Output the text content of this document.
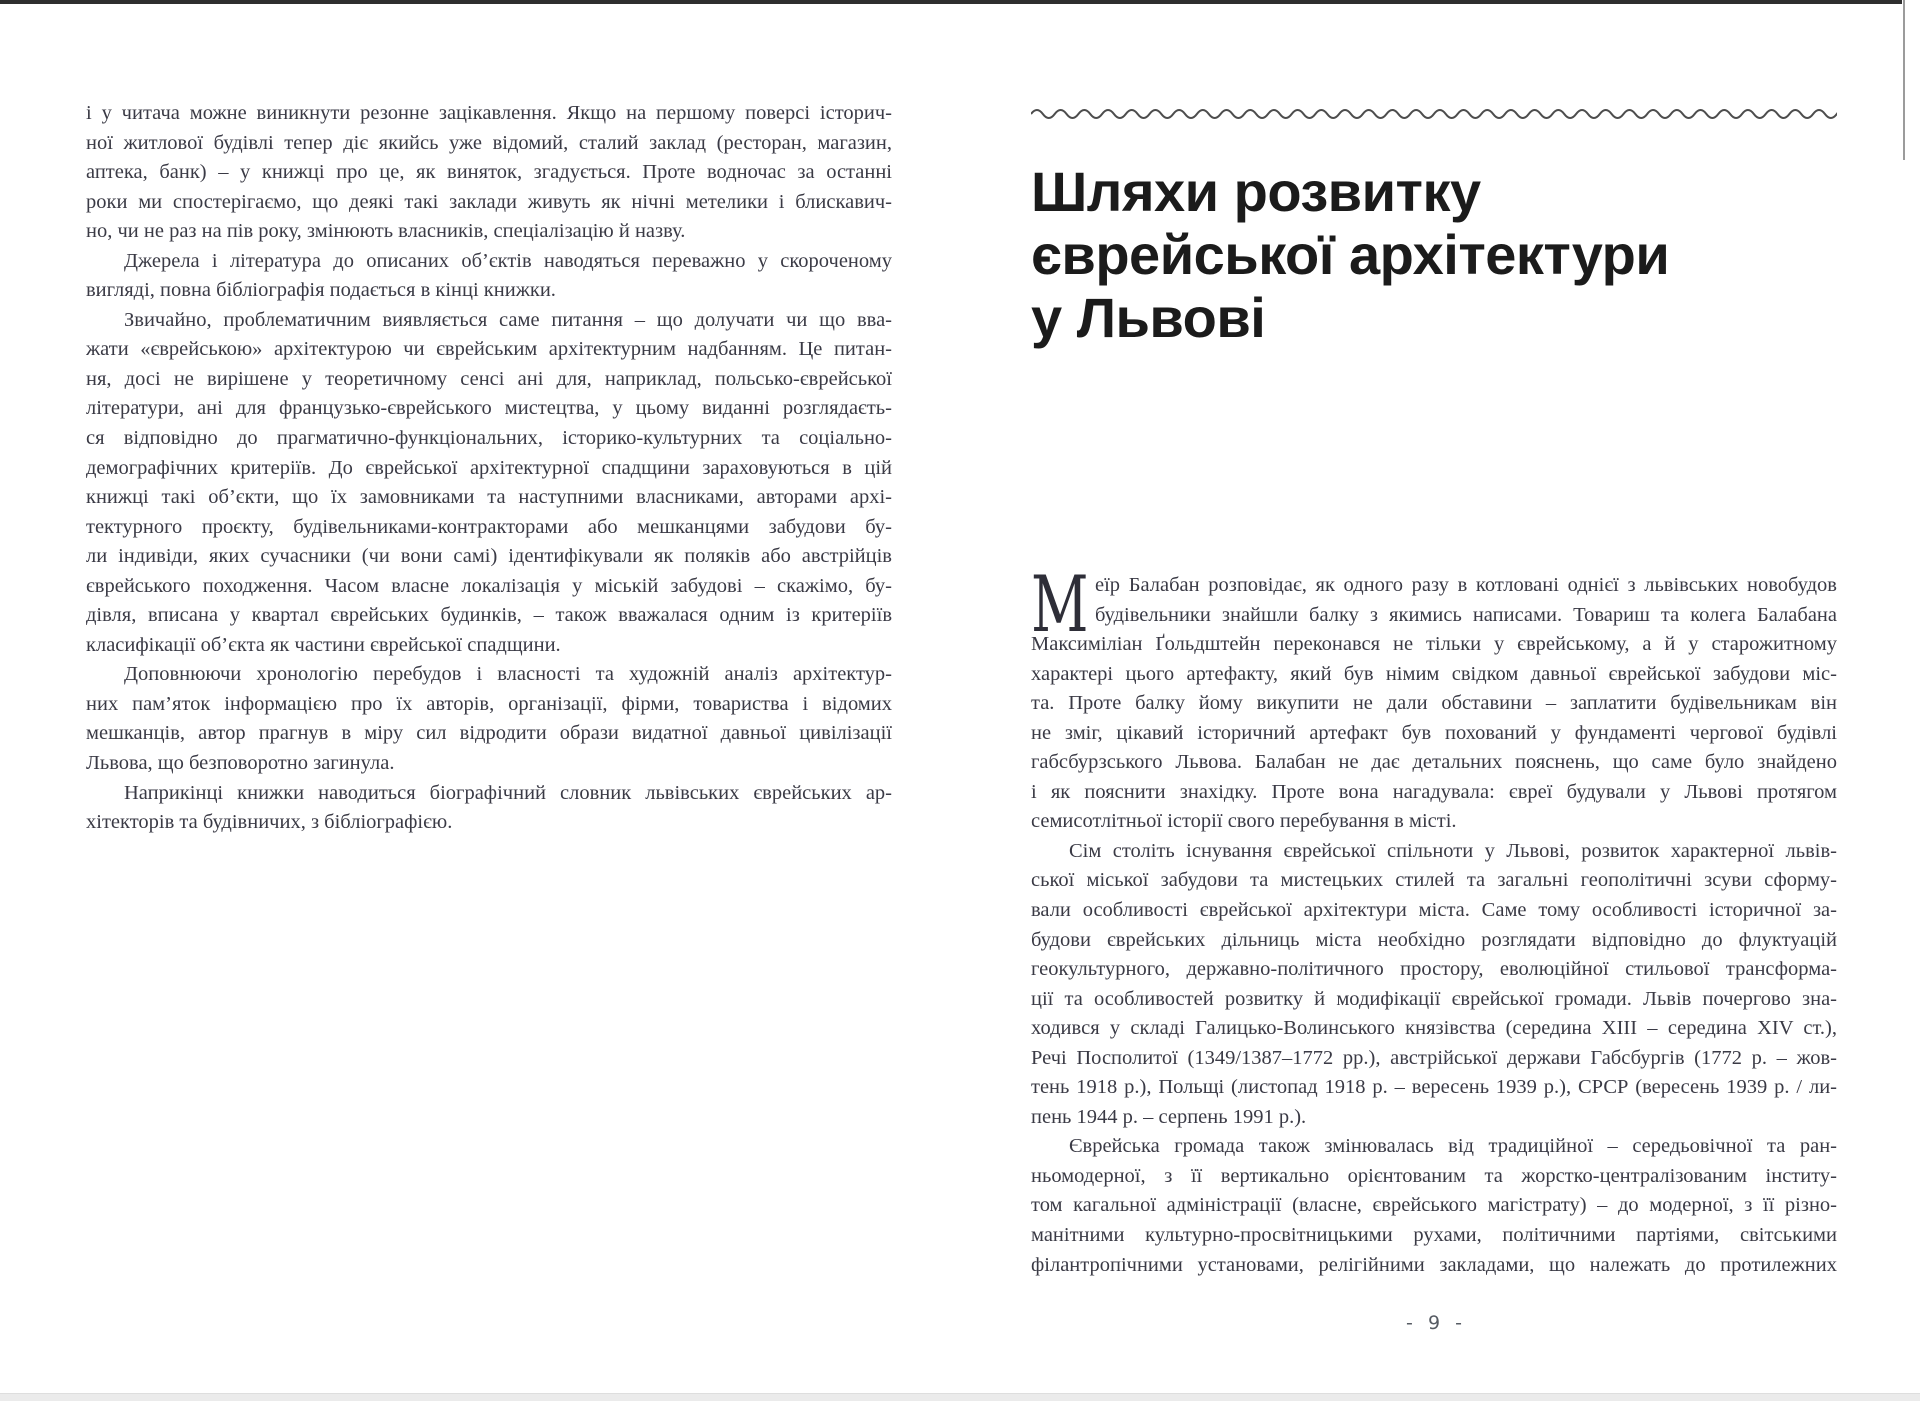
і у читача можне виникнути резонне зацікавлення. Якщо на першому поверсі історич-
ної житлової будівлі тепер діє якийсь уже відомий, сталий заклад (ресторан, магазин,
аптека, банк) – у книжці про це, як виняток, згадується. Проте водночас за останні
роки ми спостерігаємо, що деякі такі заклади живуть як нічні метелики і блискавич-
но, чи не раз на пів року, змінюють власників, спеціалізацію й назву.
Джерела і література до описаних об’єктів наводяться переважно у скороченому
вигляді, повна бібліографія подається в кінці книжки.
Звичайно, проблематичним виявляється саме питання – що долучати чи що вва-
жати «єврейською» архітектурою чи єврейським архітектурним надбанням. Це питан-
ня, досі не вирішене у теоретичному сенсі ані для, наприклад, польсько-єврейської
літератури, ані для французько-єврейського мистецтва, у цьому виданні розглядаєть-
ся відповідно до прагматично-функціональних, історико-культурних та соціально-
демографічних критеріїв. До єврейської архітектурної спадщини зараховуються в цій
книжці такі об’єкти, що їх замовниками та наступними власниками, авторами архі-
тектурного проєкту, будівельниками-контракторами або мешканцями забудови бу-
ли індивіди, яких сучасники (чи вони самі) ідентифікували як поляків або австрійців
єврейського походження. Часом власне локалізація у міській забудові – скажімо, бу-
дівля, вписана у квартал єврейських будинків, – також вважалася одним із критеріїв
класифікації об’єкта як частини єврейської спадщини.
Доповнюючи хронологію перебудов і власності та художній аналіз архітектур-
них пам’яток інформацією про їх авторів, організації, фірми, товариства і відомих
мешканців, автор прагнув в міру сил відродити образи видатної давньої цивілізації
Львова, що безповоротно загинула.
Наприкінці книжки наводиться біографічний словник львівських єврейських ар-
хітекторів та будівничих, з бібліографією.
Шляхи розвитку
єврейської архітектури
у Львові
М еїр Балабан розповідає, як одного разу в котловані однієї з львівських новобудов
будівельники знайшли балку з якимись написами. Товариш та колега Балабана
Максиміліан Ґольдштейн переконався не тільки у єврейському, а й у старожитному
характері цього артефакту, який був німим свідком давньої єврейської забудови міс-
та. Проте балку йому викупити не дали обставини – заплатити будівельникам він
не зміг, цікавий історичний артефакт був похований у фундаменті чергової будівлі
габсбурзського Львова. Балабан не дає детальних пояснень, що саме було знайдено
і як пояснити знахідку. Проте вона нагадувала: євреї будували у Львові протягом
семисотлітньої історії свого перебування в місті.
Сім століть існування єврейської спільноти у Львові, розвиток характерної львів-
ської міської забудови та мистецьких стилей та загальні геополітичні зсуви сформу-
вали особливості єврейської архітектури міста. Саме тому особливості історичної за-
будови єврейських дільниць міста необхідно розглядати відповідно до флуктуацій
геокультурного, державно-політичного простору, еволюційної стильової трансформа-
ції та особливостей розвитку й модифікації єврейської громади. Львів почергово зна-
ходився у складі Галицько-Волинського князівства (середина XIII – середина XIV ст.),
Речі Посполитої (1349/1387–1772 рр.), австрійської держави Габсбургів (1772 р. – жов-
тень 1918 р.), Польщі (листопад 1918 р. – вересень 1939 р.), СРСР (вересень 1939 р. / ли-
пень 1944 р. – серпень 1991 р.).
Єврейська громада також змінювалась від традиційної – середьовічної та ран-
ньомодерної, з її вертикально орієнтованим та жорстко-централізованим інститу-
том кагальної адміністрації (власне, єврейського магістрату) – до модерної, з її різно-
манітними культурно-просвітницькими рухами, політичними партіями, світськими
філантропічними установами, релігійними закладами, що належать до протилежних
- 9 -
